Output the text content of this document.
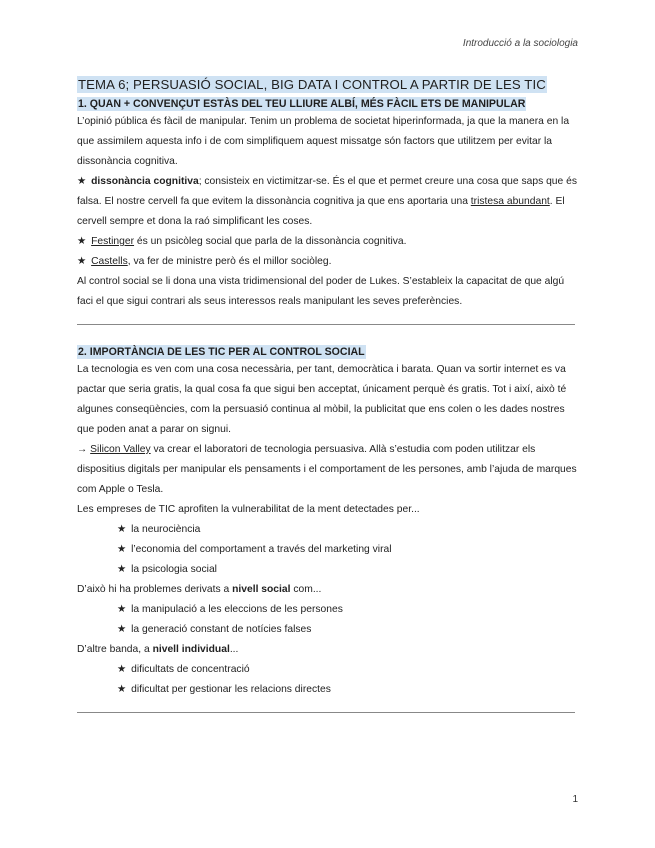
Introducció a la sociologia
TEMA 6; PERSUASIÓ SOCIAL, BIG DATA I CONTROL A PARTIR DE LES TIC
1. QUAN + CONVENÇUT ESTÀS DEL TEU LLIURE ALBÍ, MÉS FÀCIL ETS DE MANIPULAR

L’opinió pública és fàcil de manipular. Tenim un problema de societat hiperinformada, ja que la manera en la que assimilem aquesta info i de com simplifiquem aquest missatge són factors que utilitzem per evitar la dissonància cognitiva.

★ dissonància cognitiva; consisteix en victimitzar-se. És el que et permet creure una cosa que saps que és falsa. El nostre cervell fa que evitem la dissonància cognitiva ja que ens aportaria una tristesa abundant. El cervell sempre et dona la raó simplificant les coses.

★ Festinger és un psicòleg social que parla de la dissonància cognitiva.

★ Castells, va fer de ministre però és el millor sociòleg.

Al control social se li dona una vista tridimensional del poder de Lukes. S’estableix la capacitat de que algú faci el que sigui contrari als seus interessos reals manipulant les seves preferències.

2. IMPORTÀNCIA DE LES TIC PER AL CONTROL SOCIAL

La tecnologia es ven com una cosa necessària, per tant, democràtica i barata. Quan va sortir internet es va pactar que seria gratis, la qual cosa fa que sigui ben acceptat, únicament perquè és gratis. Tot i així, això té algunes conseqüències, com la persuasió continua al mòbil, la publicitat que ens colen o les dades nostres que poden anat a parar on signui.

→ Silicon Valley va crear el laboratori de tecnologia persuasiva. Allà s’estudia com poden utilitzar els dispositius digitals per manipular els pensaments i el comportament de les persones, amb l’ajuda de marques com Apple o Tesla.

Les empreses de TIC aprofiten la vulnerabilitat de la ment detectades per...

★ la neurociència

★ l’economia del comportament a través del marketing viral

★ la psicologia social

D’això hi ha problemes derivats a nivell social com...

★ la manipulació a les eleccions de les persones

★ la generació constant de notícies falses

D’altre banda, a nivell individual...

★ dificultats de concentració

★ dificultat per gestionar les relacions directes

1
